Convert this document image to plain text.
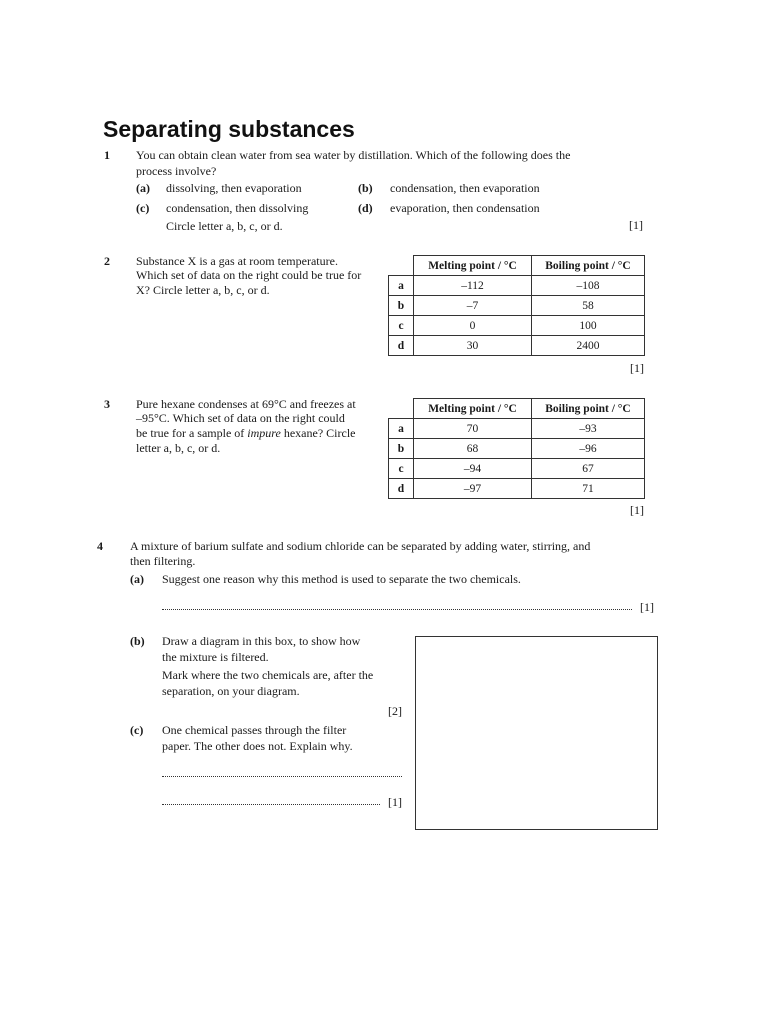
Separating substances
1 You can obtain clean water from sea water by distillation. Which of the following does the
process involve?
(a) dissolving, then evaporation	(b) condensation, then evaporation
(c) condensation, then dissolving	(d) evaporation, then condensation
Circle letter a, b, c, or d.	[1]
2 Substance X is a gas at room temperature.
Which set of data on the right could be true for
X? Circle letter a, b, c, or d.
	Melting point / °C	Boiling point / °C
a	–112	–108
b	–7	58
c	0	100
d	30	2400
[1]
3 Pure hexane condenses at 69°C and freezes at
–95°C. Which set of data on the right could
be true for a sample of impure hexane? Circle
letter a, b, c, or d.
	Melting point / °C	Boiling point / °C
a	70	–93
b	68	–96
c	–94	67
d	–97	71
[1]
4 A mixture of barium sulfate and sodium chloride can be separated by adding water, stirring, and
then filtering.
(a) Suggest one reason why this method is used to separate the two chemicals.
[1]
(b) Draw a diagram in this box, to show how
the mixture is filtered.
Mark where the two chemicals are, after the
separation, on your diagram.
[2]
(c) One chemical passes through the filter
paper. The other does not. Explain why.
[1]
